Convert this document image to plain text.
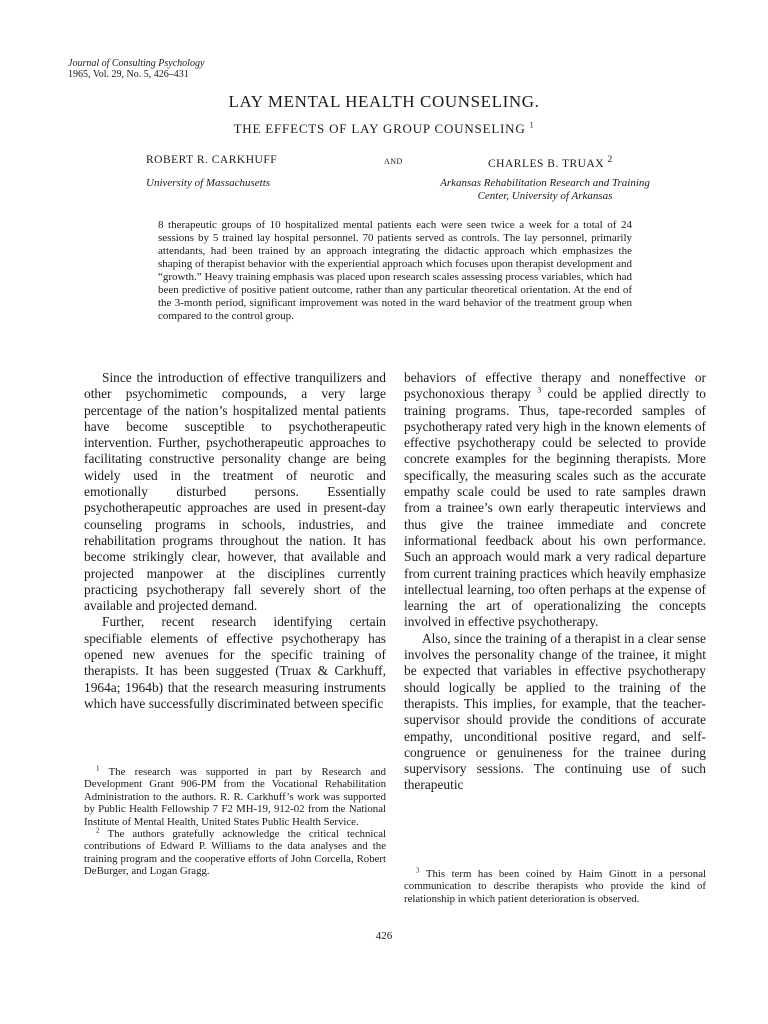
Journal of Consulting Psychology
1965, Vol. 29, No. 5, 426–431
LAY MENTAL HEALTH COUNSELING.
THE EFFECTS OF LAY GROUP COUNSELING $^1$
ROBERT R. CARKHUFF	AND	CHARLES B. TRUAX $^2$
University of Massachusetts	Arkansas Rehabilitation Research and Training
Center, University of Arkansas
8 therapeutic groups of 10 hospitalized mental patients each were seen twice a week for a total of 24 sessions by 5 trained lay hospital personnel. 70 patients served as controls. The lay personnel, primarily attendants, had been trained by an approach integrating the didactic approach which emphasizes the shaping of therapist behavior with the experiential approach which focuses upon therapist development and “growth.” Heavy training emphasis was placed upon research scales assessing process variables, which had been predictive of positive patient outcome, rather than any particular theoretical orientation. At the end of the 3-month period, significant improvement was noted in the ward behavior of the treatment group when compared to the control group.

Since the introduction of effective tranquilizers and other psychomimetic compounds, a very large percentage of the nation’s hospitalized mental patients have become susceptible to psychotherapeutic intervention. Further, psychotherapeutic approaches to facilitating constructive personality change are being widely used in the treatment of neurotic and emotionally disturbed persons. Essentially psychotherapeutic approaches are used in present-day counseling programs in schools, industries, and rehabilitation programs throughout the nation. It has become strikingly clear, however, that available and projected manpower at the disciplines currently practicing psychotherapy fall severely short of the available and projected demand.

Further, recent research identifying certain specifiable elements of effective psychotherapy has opened new avenues for the specific training of therapists. It has been suggested (Truax & Carkhuff, 1964a; 1964b) that the research measuring instruments which have successfully discriminated between specific

behaviors of effective therapy and noneffective or psychonoxious therapy $^3$ could be applied directly to training programs. Thus, tape-recorded samples of psychotherapy rated very high in the known elements of effective psychotherapy could be selected to provide concrete examples for the beginning therapists. More specifically, the measuring scales such as the accurate empathy scale could be used to rate samples drawn from a trainee’s own early therapeutic interviews and thus give the trainee immediate and concrete informational feedback about his own performance. Such an approach would mark a very radical departure from current training practices which heavily emphasize intellectual learning, too often perhaps at the expense of learning the art of operationalizing the concepts involved in effective psychotherapy.

Also, since the training of a therapist in a clear sense involves the personality change of the trainee, it might be expected that variables in effective psychotherapy should logically be applied to the training of the therapists. This implies, for example, that the teacher-supervisor should provide the conditions of accurate empathy, unconditional positive regard, and self-congruence or genuineness for the trainee during supervisory sessions. The continuing use of such therapeutic

$^1$ The research was supported in part by Research and Development Grant 906-PM from the Vocational Rehabilitation Administration to the authors. R. R. Carkhuff’s work was supported by Public Health Fellowship 7 F2 MH-19, 912-02 from the National Institute of Mental Health, United States Public Health Service.

$^2$ The authors gratefully acknowledge the critical technical contributions of Edward P. Williams to the data analyses and the training program and the cooperative efforts of John Corcella, Robert DeBurger, and Logan Gragg.	$^3$ This term has been coined by Haim Ginott in a personal communication to describe therapists who provide the kind of relationship in which patient deterioration is observed.

426
